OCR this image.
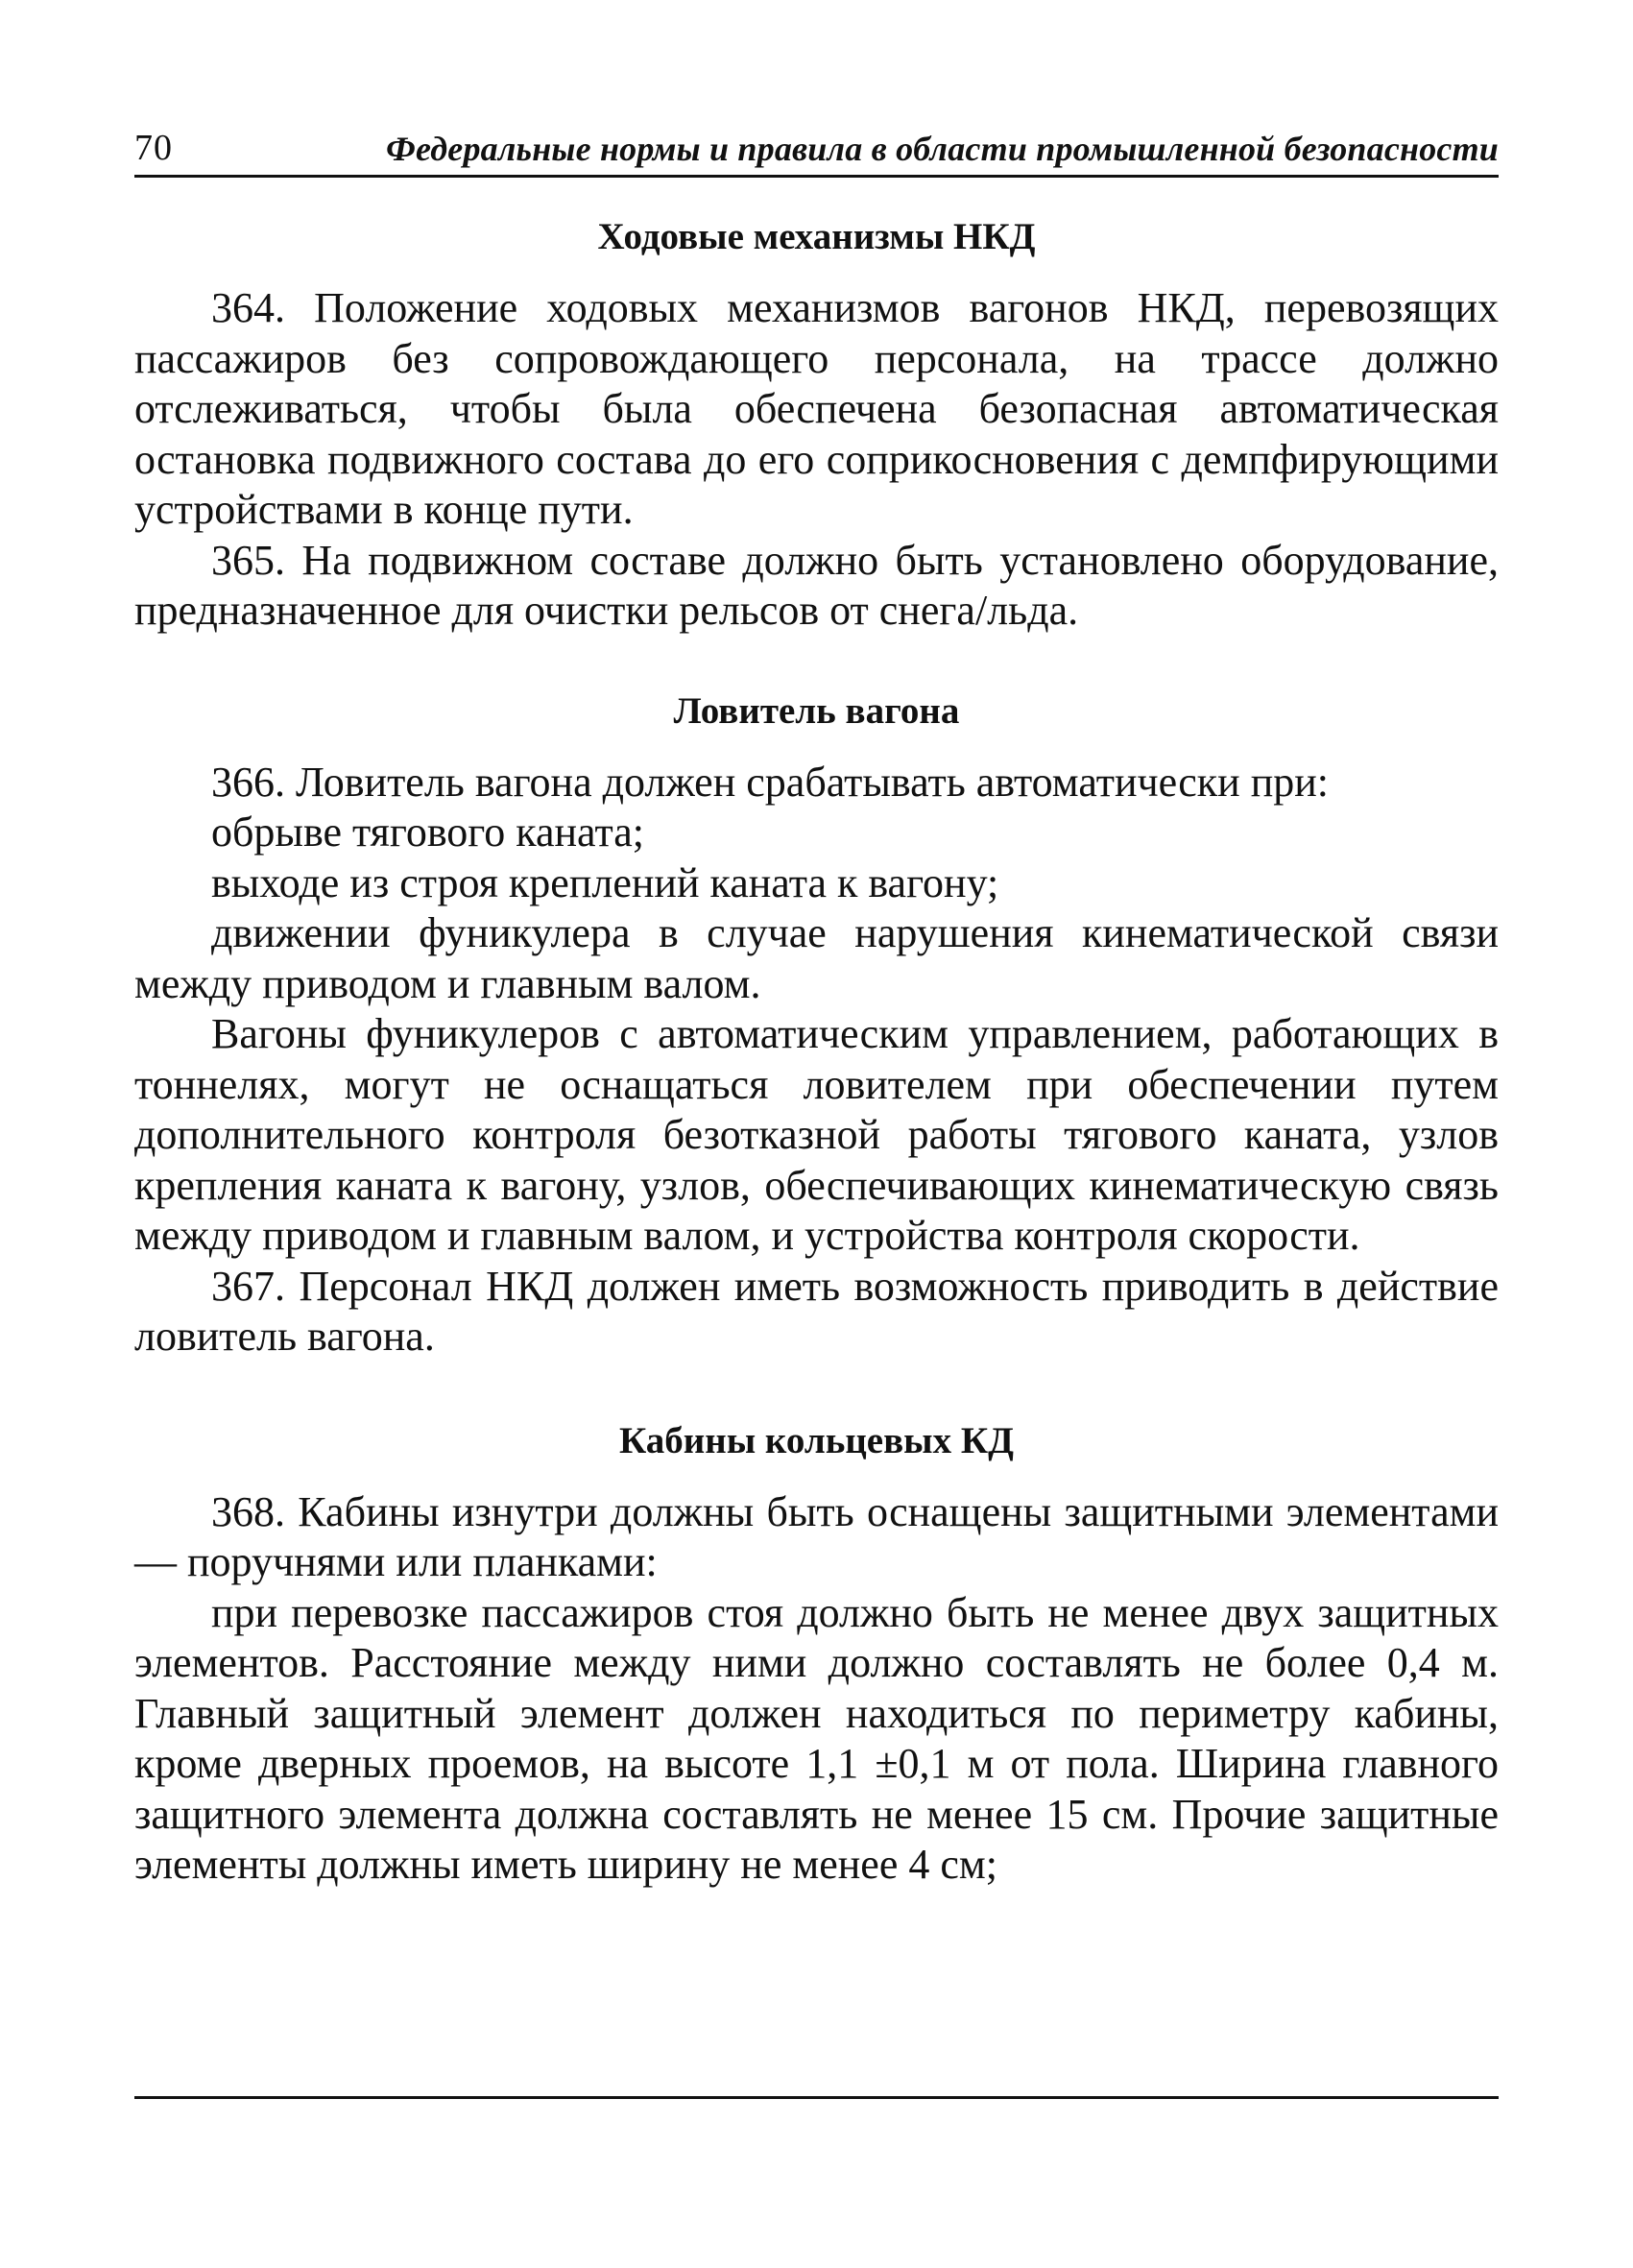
70	Федеральные нормы и правила в области промышленной безопасности
Ходовые механизмы НКД

364. Положение ходовых механизмов вагонов НКД, перевозящих пассажиров без сопровождающего персонала, на трассе должно отслеживаться, чтобы была обеспечена безопасная автоматическая остановка подвижного состава до его соприкосновения с демпфирующими устройствами в конце пути.

365. На подвижном составе должно быть установлено оборудование, предназначенное для очистки рельсов от снега/льда.

Ловитель вагона

366. Ловитель вагона должен срабатывать автоматически при:

обрыве тягового каната;

выходе из строя креплений каната к вагону;

движении фуникулера в случае нарушения кинематической связи между приводом и главным валом.

Вагоны фуникулеров с автоматическим управлением, работающих в тоннелях, могут не оснащаться ловителем при обеспечении путем дополнительного контроля безотказной работы тягового каната, узлов крепления каната к вагону, узлов, обеспечивающих кинематическую связь между приводом и главным валом, и устройства контроля скорости.

367. Персонал НКД должен иметь возможность приводить в действие ловитель вагона.

Кабины кольцевых КД

368. Кабины изнутри должны быть оснащены защитными элементами — поручнями или планками:

при перевозке пассажиров стоя должно быть не менее двух защитных элементов. Расстояние между ними должно составлять не более 0,4 м. Главный защитный элемент должен находиться по периметру кабины, кроме дверных проемов, на высоте 1,1 ±0,1 м от пола. Ширина главного защитного элемента должна составлять не менее 15 см. Прочие защитные элементы должны иметь ширину не менее 4 см;
